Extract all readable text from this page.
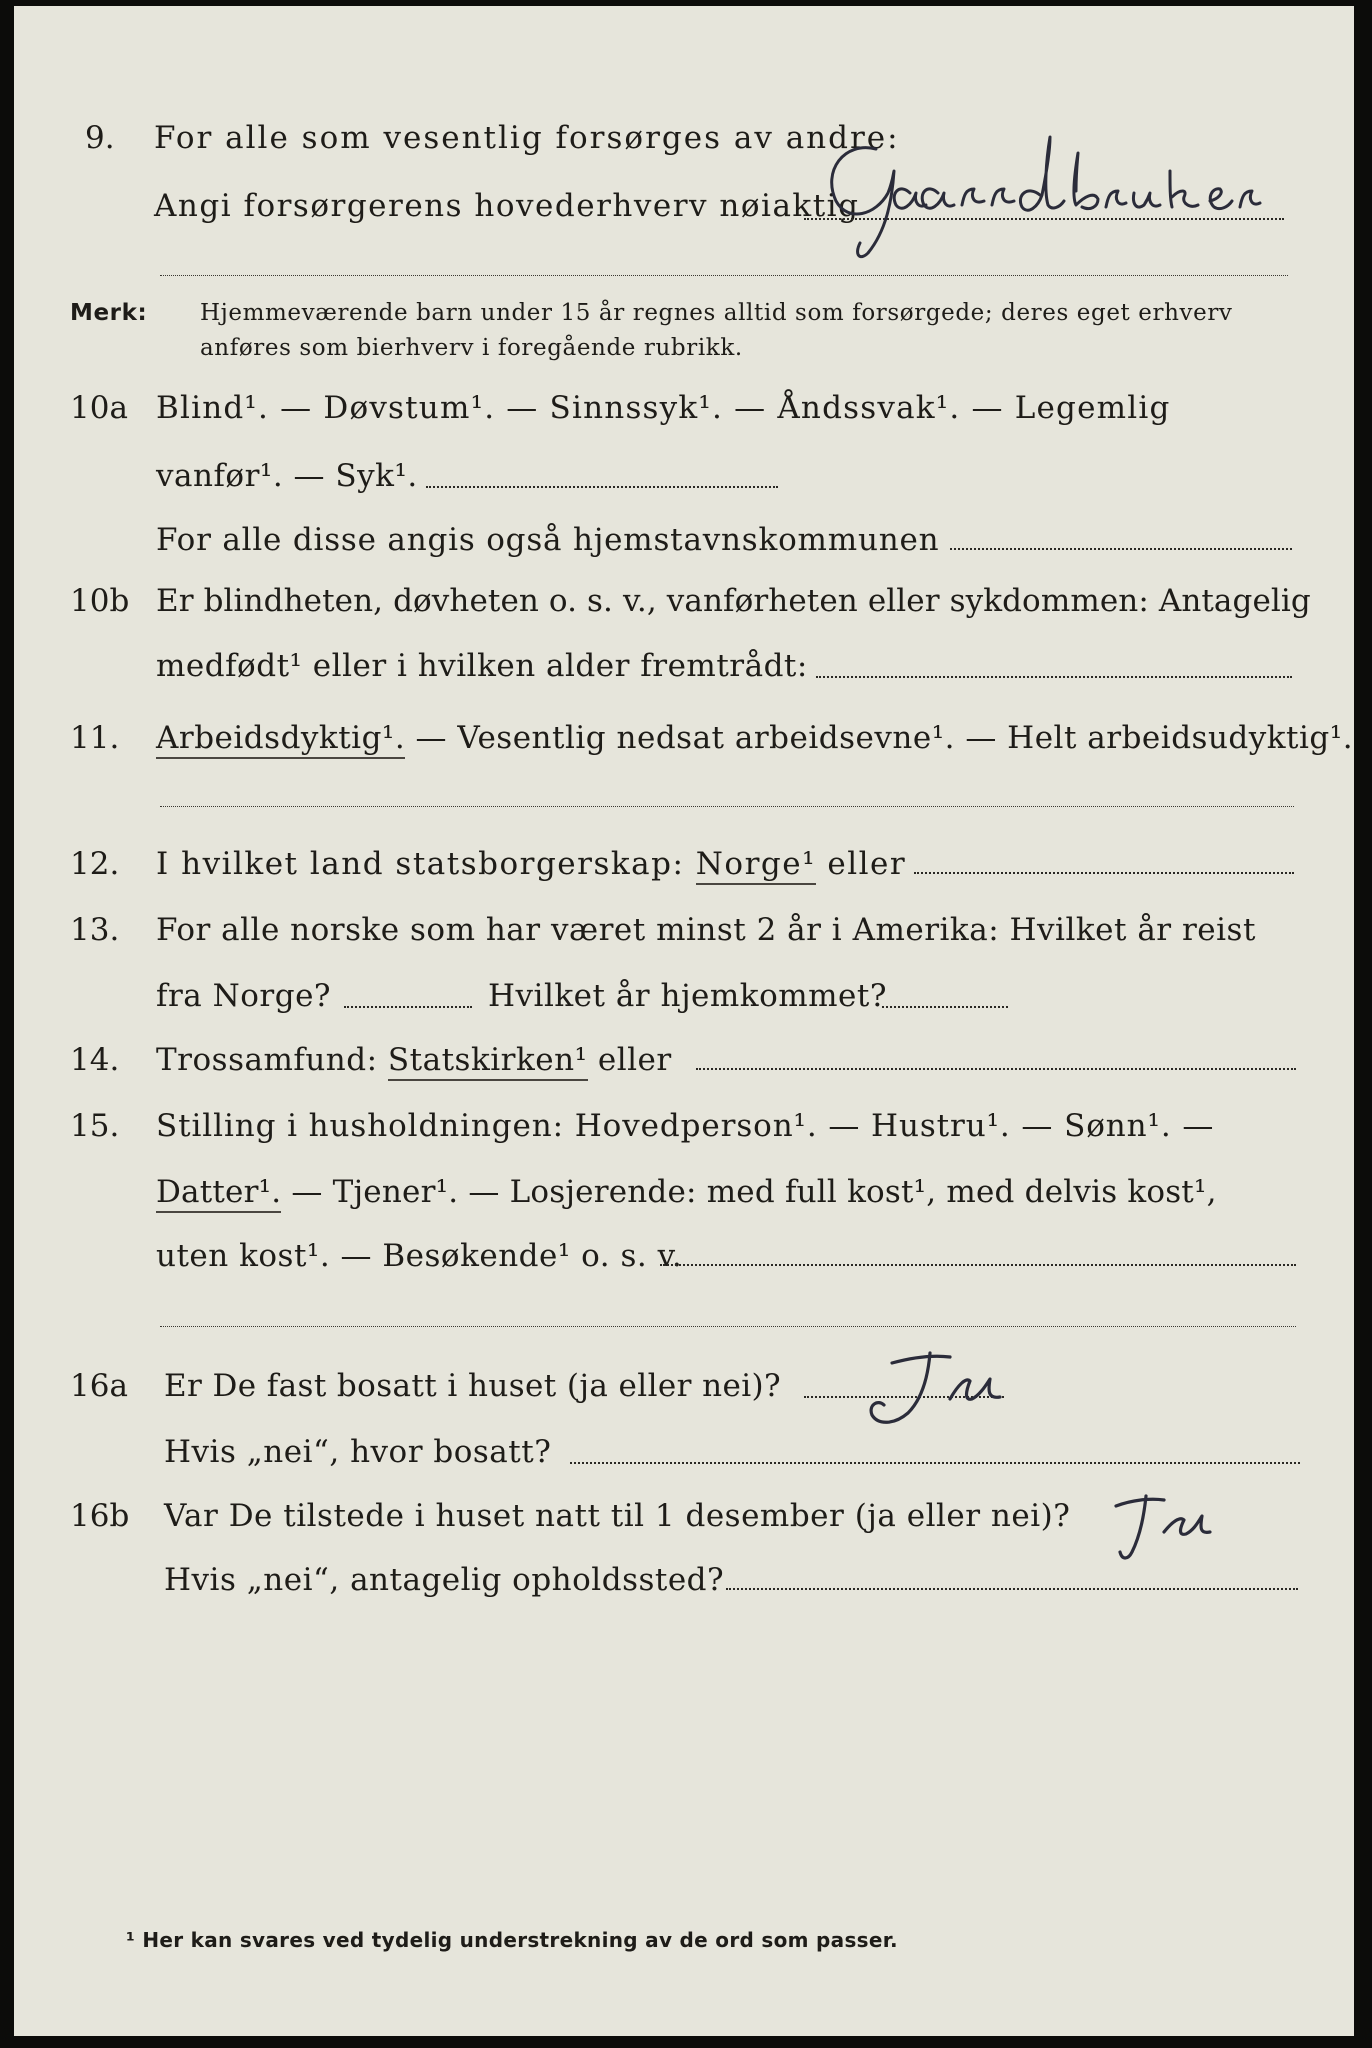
9. For alle som vesentlig forsørges av andre:
Angi forsørgerens hovederhverv nøiaktig
Merk: Hjemmeværende barn under 15 år regnes alltid som forsørgede; deres eget erhverv
anføres som bierhverv i foregående rubrikk.
10a Blind¹. — Døvstum¹. — Sinnssyk¹. — Åndssvak¹. — Legemlig
vanfør¹. — Syk¹.
For alle disse angis også hjemstavnskommunen
10b Er blindheten, døvheten o. s. v., vanførheten eller sykdommen: Antagelig
medfødt¹ eller i hvilken alder fremtrådt:
11. Arbeidsdyktig¹. — Vesentlig nedsat arbeidsevne¹. — Helt arbeidsudyktig¹.
12. I hvilket land statsborgerskap: Norge¹ eller
13. For alle norske som har været minst 2 år i Amerika: Hvilket år reist
fra Norge?	Hvilket år hjemkommet?
14. Trossamfund: Statskirken¹ eller
15. Stilling i husholdningen: Hovedperson¹. — Hustru¹. — Sønn¹. —
Datter¹. — Tjener¹. — Losjerende: med full kost¹, med delvis kost¹,
uten kost¹. — Besøkende¹ o. s. v.
16a Er De fast bosatt i huset (ja eller nei)?
Hvis „nei“, hvor bosatt?
16b Var De tilstede i huset natt til 1 desember (ja eller nei)?
Hvis „nei“, antagelig opholdssted?
¹ Her kan svares ved tydelig understrekning av de ord som passer.
